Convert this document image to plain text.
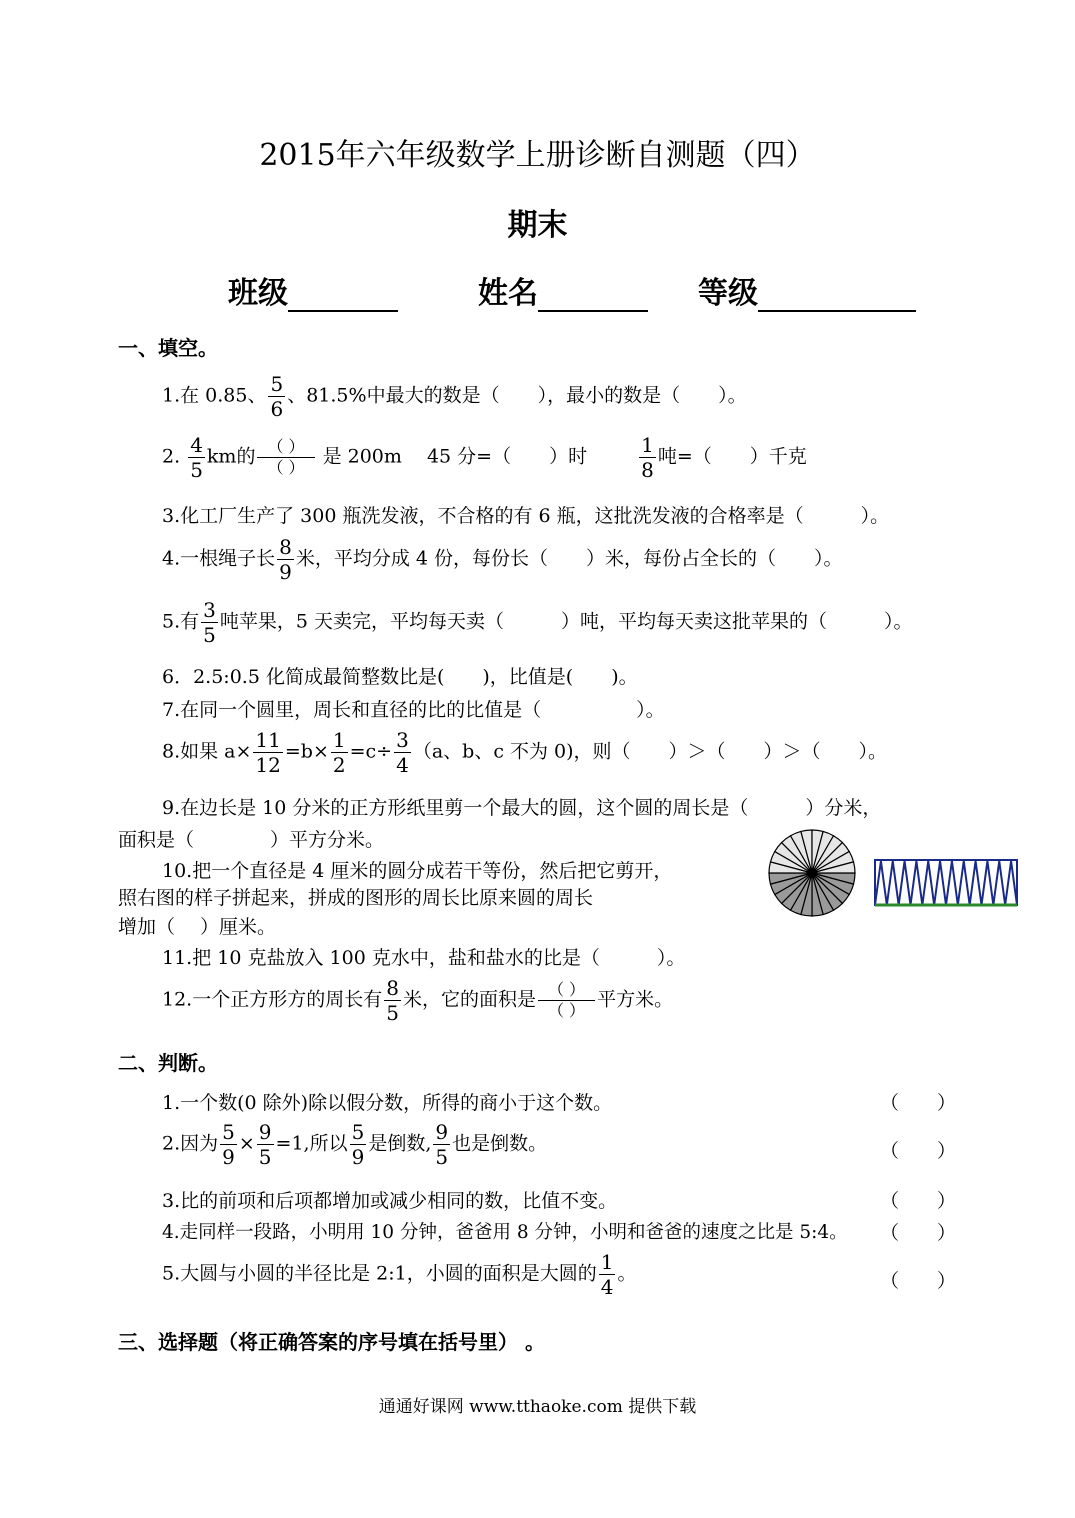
2015年六年级数学上册诊断自测题（四）
期末
班级	姓名	等级
一、填空。
1.在 0.85、 $\frac{5}{6}$ 、81.5%中最大的数是（　　），最小的数是（　　）。
2. $\frac{4}{5}$ km的 $\frac{( )}{( )}$ 是 200m　 45 分=（　　）时	$\frac{1}{8}$ 吨=（　　）千克
3.化工厂生产了 300 瓶洗发液，不合格的有 6 瓶，这批洗发液的合格率是（　　　）。
4.一根绳子长 $\frac{8}{9}$ 米，平均分成 4 份，每份长（　　）米，每份占全长的（　　）。
5.有 $\frac{3}{5}$ 吨苹果，5 天卖完，平均每天卖（　　　）吨，平均每天卖这批苹果的（　　　）。
6．2.5:0.5 化简成最简整数比是(　　)，比值是(　　)。
7.在同一个圆里，周长和直径的比的比值是（　　　　　）。
8.如果 $a\times \frac{11}{12} =b\times \frac{1}{2} =c\div \frac{3}{4} (a$、b、c 不为 0)，则（　　）＞（　　）＞（　　）。
9.在边长是 10 分米的正方形纸里剪一个最大的圆，这个圆的周长是（　　　）分米，
面积是（　　　　）平方分米。
10.把一个直径是 4 厘米的圆分成若干等份，然后把它剪开，
照右图的样子拼起来，拼成的图形的周长比原来圆的周长
增加（　 ）厘米。
11.把 10 克盐放入 100 克水中，盐和盐水的比是（　　　）。
12.一个正方形方的周长有 $\frac{8}{5}$ 米，它的面积是 $\frac{( )}{( )}$ 平方米。
二、判断。
1.一个数(0 除外)除以假分数，所得的商小于这个数。	（　　）
2.因为 $\frac{5}{9} \times \frac{9}{5} =1$,所以 $\frac{5}{9}$ 是倒数, $\frac{9}{5}$ 也是倒数。	（　　）
3.比的前项和后项都增加或减少相同的数，比值不变。	（　　）
4.走同样一段路，小明用 10 分钟，爸爸用 8 分钟，小明和爸爸的速度之比是 5:4。 （　　）
5.大圆与小圆的半径比是 2:1，小圆的面积是大圆的 $\frac{1}{4}$ 。	（　　）
三、选择题（将正确答案的序号填在括号里） 。
通通好课网 www.tthaoke.com 提供下载
